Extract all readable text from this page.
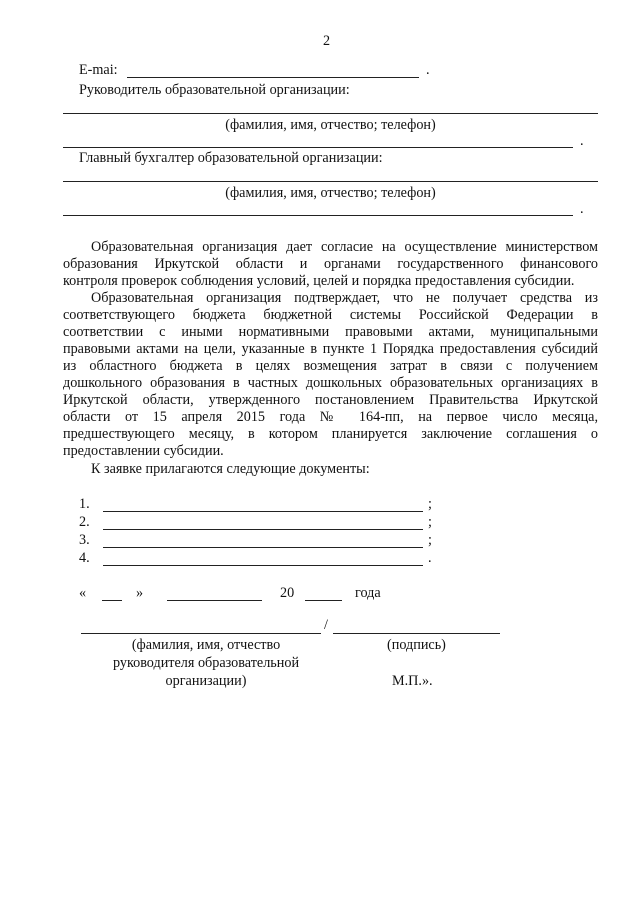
2
E-mai:	.
Руководитель образовательной организации:
(фамилия, имя, отчество; телефон)
.
Главный бухгалтер образовательной организации:
(фамилия, имя, отчество; телефон)
.
Образовательная организация дает согласие на осуществление министерством
образования Иркутской области и органами государственного финансового
контроля проверок соблюдения условий, целей и порядка предоставления субсидии.
Образовательная организация подтверждает, что не получает средства из
соответствующего бюджета бюджетной системы Российской Федерации в
соответствии с иными нормативными правовыми актами, муниципальными
правовыми актами на цели, указанные в пункте 1 Порядка предоставления субсидий
из областного бюджета в целях возмещения затрат в связи с получением
дошкольного образования в частных дошкольных образовательных организациях в
Иркутской области, утвержденного постановлением Правительства Иркутской
области от 15 апреля 2015 года № 164-пп, на первое число месяца,
предшествующего месяцу, в котором планируется заключение соглашения о
предоставлении субсидии.
К заявке прилагаются следующие документы:
1.	;
2.	;
3.	;
4.	.
«	»	20	года
/
(фамилия, имя, отчество
руководителя образовательной
организации)
(подпись)
М.П.».
